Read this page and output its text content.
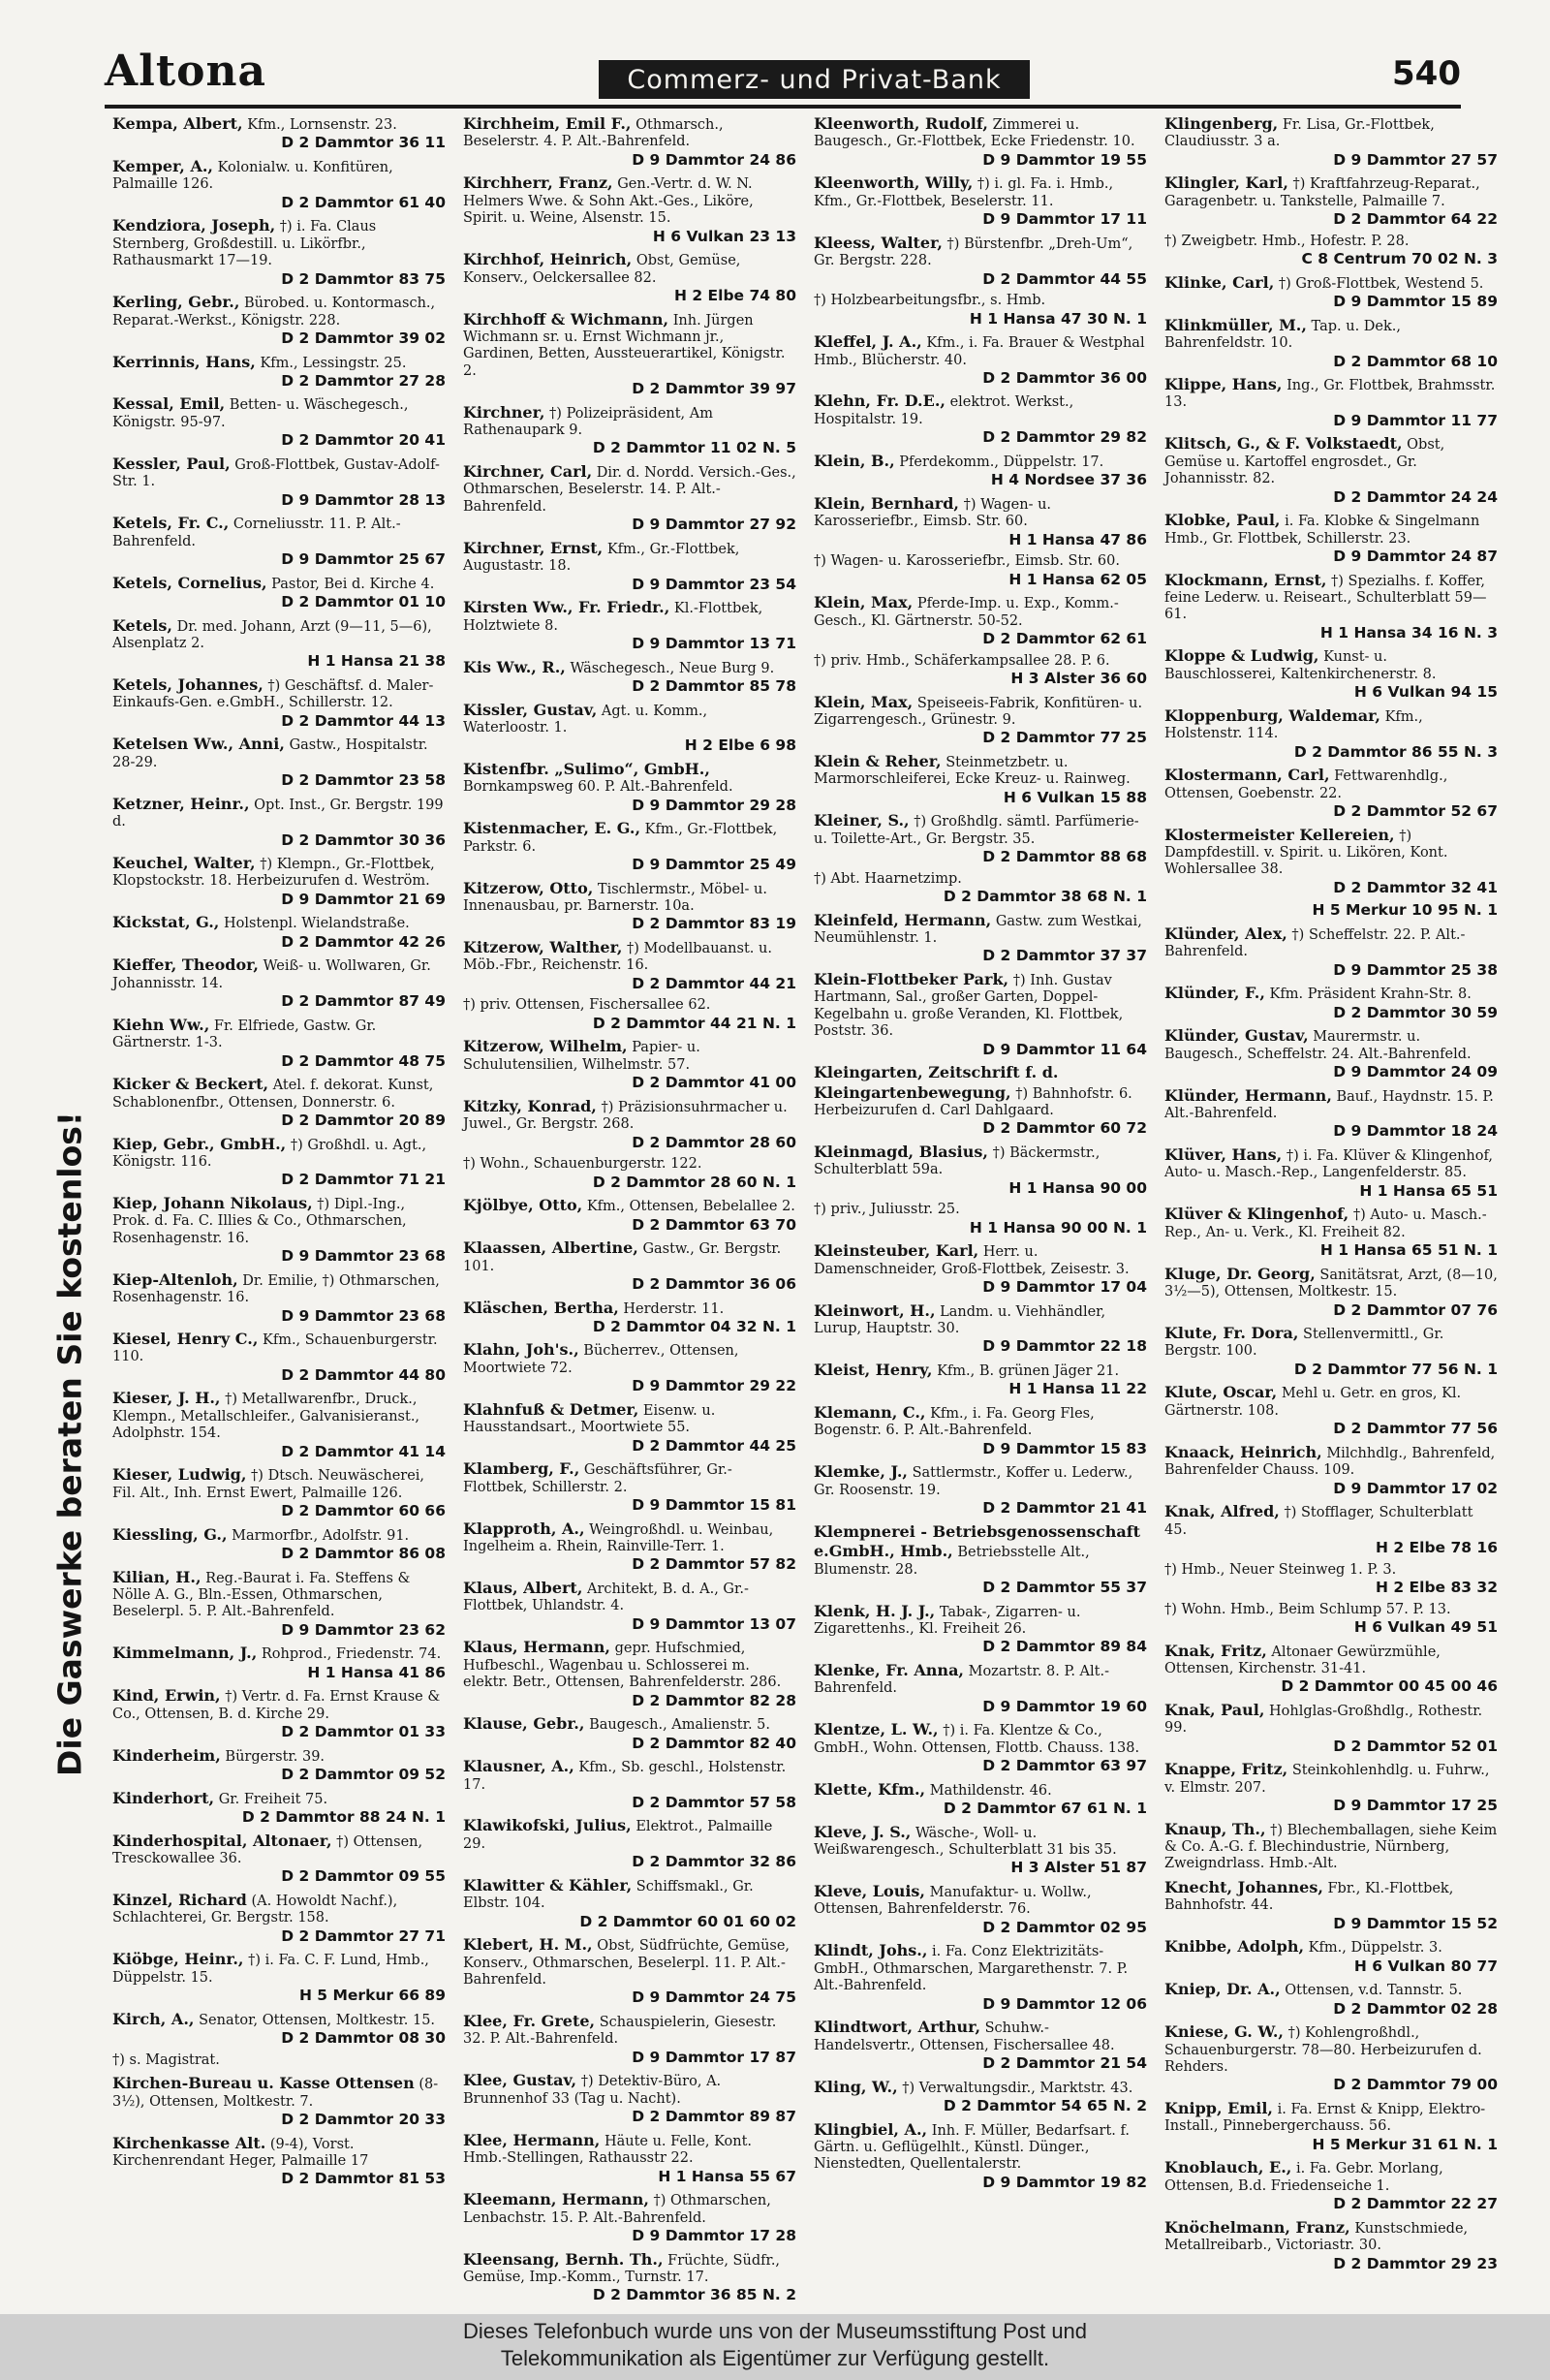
Altona	Commerz- und Privat-Bank	540
Die Gaswerke beraten Sie kostenlos!
Kempa, Albert, Kfm., Lornsenstr. 23.
D 2 Dammtor 36 11
Kemper, A., Kolonialw. u. Konfitüren, Palmaille 126.
D 2 Dammtor 61 40
Kendziora, Joseph, †) i. Fa. Claus Sternberg, Großdestill. u. Likörfbr., Rathausmarkt 17—19.
D 2 Dammtor 83 75
Kerling, Gebr., Bürobed. u. Kontormasch., Reparat.-Werkst., Königstr. 228.
D 2 Dammtor 39 02
Kerrinnis, Hans, Kfm., Lessingstr. 25.
D 2 Dammtor 27 28
Kessal, Emil, Betten- u. Wäschegesch., Königstr. 95-97.
D 2 Dammtor 20 41
Kessler, Paul, Groß-Flottbek, Gustav-Adolf-Str. 1.
D 9 Dammtor 28 13
Ketels, Fr. C., Corneliusstr. 11. P. Alt.-Bahrenfeld.
D 9 Dammtor 25 67
Ketels, Cornelius, Pastor, Bei d. Kirche 4.
D 2 Dammtor 01 10
Ketels, Dr. med. Johann, Arzt (9—11, 5—6), Alsenplatz 2.
H 1 Hansa 21 38
Ketels, Johannes, †) Geschäftsf. d. Maler-Einkaufs-Gen. e.GmbH., Schillerstr. 12.
D 2 Dammtor 44 13
Ketelsen Ww., Anni, Gastw., Hospitalstr. 28-29.
D 2 Dammtor 23 58
Ketzner, Heinr., Opt. Inst., Gr. Bergstr. 199 d.
D 2 Dammtor 30 36
Keuchel, Walter, †) Klempn., Gr.-Flottbek, Klopstockstr. 18. Herbeizurufen d. Weström.
D 9 Dammtor 21 69
Kickstat, G., Holstenpl. Wielandstraße.
D 2 Dammtor 42 26
Kieffer, Theodor, Weiß- u. Wollwaren, Gr. Johannisstr. 14.
D 2 Dammtor 87 49
Kiehn Ww., Fr. Elfriede, Gastw. Gr. Gärtnerstr. 1-3.
D 2 Dammtor 48 75
Kicker & Beckert, Atel. f. dekorat. Kunst, Schablonenfbr., Ottensen, Donnerstr. 6.
D 2 Dammtor 20 89
Kiep, Gebr., GmbH., †) Großhdl. u. Agt., Königstr. 116.
D 2 Dammtor 71 21
Kiep, Johann Nikolaus, †) Dipl.-Ing., Prok. d. Fa. C. Illies & Co., Othmarschen, Rosenhagenstr. 16.
D 9 Dammtor 23 68
Kiep-Altenloh, Dr. Emilie, †) Othmarschen, Rosenhagenstr. 16.
D 9 Dammtor 23 68
Kiesel, Henry C., Kfm., Schauenburgerstr. 110.
D 2 Dammtor 44 80
Kieser, J. H., †) Metallwarenfbr., Druck., Klempn., Metallschleifer., Galvanisieranst., Adolphstr. 154.
D 2 Dammtor 41 14
Kieser, Ludwig, †) Dtsch. Neuwäscherei, Fil. Alt., Inh. Ernst Ewert, Palmaille 126.
D 2 Dammtor 60 66
Kiessling, G., Marmorfbr., Adolfstr. 91.
D 2 Dammtor 86 08
Kilian, H., Reg.-Baurat i. Fa. Steffens & Nölle A. G., Bln.-Essen, Othmarschen, Beselerpl. 5. P. Alt.-Bahrenfeld.
D 9 Dammtor 23 62
Kimmelmann, J., Rohprod., Friedenstr. 74.
H 1 Hansa 41 86
Kind, Erwin, †) Vertr. d. Fa. Ernst Krause & Co., Ottensen, B. d. Kirche 29.
D 2 Dammtor 01 33
Kinderheim, Bürgerstr. 39.
D 2 Dammtor 09 52
Kinderhort, Gr. Freiheit 75.
D 2 Dammtor 88 24 N. 1
Kinderhospital, Altonaer, †) Ottensen, Tresckowallee 36.
D 2 Dammtor 09 55
Kinzel, Richard (A. Howoldt Nachf.), Schlachterei, Gr. Bergstr. 158.
D 2 Dammtor 27 71
Kiöbge, Heinr., †) i. Fa. C. F. Lund, Hmb., Düppelstr. 15.
H 5 Merkur 66 89
Kirch, A., Senator, Ottensen, Moltkestr. 15.
D 2 Dammtor 08 30
†) s. Magistrat.
Kirchen-Bureau u. Kasse Ottensen (8-3½), Ottensen, Moltkestr. 7.
D 2 Dammtor 20 33
Kirchenkasse Alt. (9-4), Vorst. Kirchenrendant Heger, Palmaille 17
D 2 Dammtor 81 53
Kirchheim, Emil F., Othmarsch., Beselerstr. 4. P. Alt.-Bahrenfeld.
D 9 Dammtor 24 86
Kirchherr, Franz, Gen.-Vertr. d. W. N. Helmers Wwe. & Sohn Akt.-Ges., Liköre, Spirit. u. Weine, Alsenstr. 15.
H 6 Vulkan 23 13
Kirchhof, Heinrich, Obst, Gemüse, Konserv., Oelckersallee 82.
H 2 Elbe 74 80
Kirchhoff & Wichmann, Inh. Jürgen Wichmann sr. u. Ernst Wichmann jr., Gardinen, Betten, Aussteuerartikel, Königstr. 2.
D 2 Dammtor 39 97
Kirchner, †) Polizeipräsident, Am Rathenaupark 9.
D 2 Dammtor 11 02 N. 5
Kirchner, Carl, Dir. d. Nordd. Versich.-Ges., Othmarschen, Beselerstr. 14. P. Alt.-Bahrenfeld.
D 9 Dammtor 27 92
Kirchner, Ernst, Kfm., Gr.-Flottbek, Augustastr. 18.
D 9 Dammtor 23 54
Kirsten Ww., Fr. Friedr., Kl.-Flottbek, Holztwiete 8.
D 9 Dammtor 13 71
Kis Ww., R., Wäschegesch., Neue Burg 9.
D 2 Dammtor 85 78
Kissler, Gustav, Agt. u. Komm., Waterloostr. 1.
H 2 Elbe 6 98
Kistenfbr. „Sulimo“, GmbH., Bornkampsweg 60. P. Alt.-Bahrenfeld.
D 9 Dammtor 29 28
Kistenmacher, E. G., Kfm., Gr.-Flottbek, Parkstr. 6.
D 9 Dammtor 25 49
Kitzerow, Otto, Tischlermstr., Möbel- u. Innenausbau, pr. Barnerstr. 10a.
D 2 Dammtor 83 19
Kitzerow, Walther, †) Modellbauanst. u. Möb.-Fbr., Reichenstr. 16.
D 2 Dammtor 44 21
†) priv. Ottensen, Fischersallee 62.
D 2 Dammtor 44 21 N. 1
Kitzerow, Wilhelm, Papier- u. Schulutensilien, Wilhelmstr. 57.
D 2 Dammtor 41 00
Kitzky, Konrad, †) Präzisionsuhrmacher u. Juwel., Gr. Bergstr. 268.
D 2 Dammtor 28 60
†) Wohn., Schauenburgerstr. 122.
D 2 Dammtor 28 60 N. 1
Kjölbye, Otto, Kfm., Ottensen, Bebelallee 2.
D 2 Dammtor 63 70
Klaassen, Albertine, Gastw., Gr. Bergstr. 101.
D 2 Dammtor 36 06
Kläschen, Bertha, Herderstr. 11.
D 2 Dammtor 04 32 N. 1
Klahn, Joh's., Bücherrev., Ottensen, Moortwiete 72.
D 9 Dammtor 29 22
Klahnfuß & Detmer, Eisenw. u. Hausstandsart., Moortwiete 55.
D 2 Dammtor 44 25
Klamberg, F., Geschäftsführer, Gr.-Flottbek, Schillerstr. 2.
D 9 Dammtor 15 81
Klapproth, A., Weingroßhdl. u. Weinbau, Ingelheim a. Rhein, Rainville-Terr. 1.
D 2 Dammtor 57 82
Klaus, Albert, Architekt, B. d. A., Gr.-Flottbek, Uhlandstr. 4.
D 9 Dammtor 13 07
Klaus, Hermann, gepr. Hufschmied, Hufbeschl., Wagenbau u. Schlosserei m. elektr. Betr., Ottensen, Bahrenfelderstr. 286.
D 2 Dammtor 82 28
Klause, Gebr., Baugesch., Amalienstr. 5.
D 2 Dammtor 82 40
Klausner, A., Kfm., Sb. geschl., Holstenstr. 17.
D 2 Dammtor 57 58
Klawikofski, Julius, Elektrot., Palmaille 29.
D 2 Dammtor 32 86
Klawitter & Kähler, Schiffsmakl., Gr. Elbstr. 104.
D 2 Dammtor 60 01 60 02
Klebert, H. M., Obst, Südfrüchte, Gemüse, Konserv., Othmarschen, Beselerpl. 11. P. Alt.-Bahrenfeld.
D 9 Dammtor 24 75
Klee, Fr. Grete, Schauspielerin, Giesestr. 32. P. Alt.-Bahrenfeld.
D 9 Dammtor 17 87
Klee, Gustav, †) Detektiv-Büro, A. Brunnenhof 33 (Tag u. Nacht).
D 2 Dammtor 89 87
Klee, Hermann, Häute u. Felle, Kont. Hmb.-Stellingen, Rathausstr 22.
H 1 Hansa 55 67
Kleemann, Hermann, †) Othmarschen, Lenbachstr. 15. P. Alt.-Bahrenfeld.
D 9 Dammtor 17 28
Kleensang, Bernh. Th., Früchte, Südfr., Gemüse, Imp.-Komm., Turnstr. 17.
D 2 Dammtor 36 85 N. 2
Kleenworth, Rudolf, Zimmerei u. Baugesch., Gr.-Flottbek, Ecke Friedenstr. 10.
D 9 Dammtor 19 55
Kleenworth, Willy, †) i. gl. Fa. i. Hmb., Kfm., Gr.-Flottbek, Beselerstr. 11.
D 9 Dammtor 17 11
Kleess, Walter, †) Bürstenfbr. „Dreh-Um“, Gr. Bergstr. 228.
D 2 Dammtor 44 55
†) Holzbearbeitungsfbr., s. Hmb.
H 1 Hansa 47 30 N. 1
Kleffel, J. A., Kfm., i. Fa. Brauer & Westphal Hmb., Blücherstr. 40.
D 2 Dammtor 36 00
Klehn, Fr. D.E., elektrot. Werkst., Hospitalstr. 19.
D 2 Dammtor 29 82
Klein, B., Pferdekomm., Düppelstr. 17.
H 4 Nordsee 37 36
Klein, Bernhard, †) Wagen- u. Karosseriefbr., Eimsb. Str. 60.
H 1 Hansa 47 86
†) Wagen- u. Karosseriefbr., Eimsb. Str. 60.
H 1 Hansa 62 05
Klein, Max, Pferde-Imp. u. Exp., Komm.-Gesch., Kl. Gärtnerstr. 50-52.
D 2 Dammtor 62 61
†) priv. Hmb., Schäferkampsallee 28. P. 6.
H 3 Alster 36 60
Klein, Max, Speiseeis-Fabrik, Konfitüren- u. Zigarrengesch., Grünestr. 9.
D 2 Dammtor 77 25
Klein & Reher, Steinmetzbetr. u. Marmorschleiferei, Ecke Kreuz- u. Rainweg.
H 6 Vulkan 15 88
Kleiner, S., †) Großhdlg. sämtl. Parfümerie- u. Toilette-Art., Gr. Bergstr. 35.
D 2 Dammtor 88 68
†) Abt. Haarnetzimp.
D 2 Dammtor 38 68 N. 1
Kleinfeld, Hermann, Gastw. zum Westkai, Neumühlenstr. 1.
D 2 Dammtor 37 37
Klein-Flottbeker Park, †) Inh. Gustav Hartmann, Sal., großer Garten, Doppel-Kegelbahn u. große Veranden, Kl. Flottbek, Poststr. 36.
D 9 Dammtor 11 64
Kleingarten, Zeitschrift f. d. Kleingartenbewegung, †) Bahnhofstr. 6. Herbeizurufen d. Carl Dahlgaard.
D 2 Dammtor 60 72
Kleinmagd, Blasius, †) Bäckermstr., Schulterblatt 59a.
H 1 Hansa 90 00
†) priv., Juliusstr. 25.
H 1 Hansa 90 00 N. 1
Kleinsteuber, Karl, Herr. u. Damenschneider, Groß-Flottbek, Zeisestr. 3.
D 9 Dammtor 17 04
Kleinwort, H., Landm. u. Viehhändler, Lurup, Hauptstr. 30.
D 9 Dammtor 22 18
Kleist, Henry, Kfm., B. grünen Jäger 21.
H 1 Hansa 11 22
Klemann, C., Kfm., i. Fa. Georg Fles, Bogenstr. 6. P. Alt.-Bahrenfeld.
D 9 Dammtor 15 83
Klemke, J., Sattlermstr., Koffer u. Lederw., Gr. Roosenstr. 19.
D 2 Dammtor 21 41
Klempnerei - Betriebsgenossenschaft e.GmbH., Hmb., Betriebsstelle Alt., Blumenstr. 28.
D 2 Dammtor 55 37
Klenk, H. J. J., Tabak-, Zigarren- u. Zigarettenhs., Kl. Freiheit 26.
D 2 Dammtor 89 84
Klenke, Fr. Anna, Mozartstr. 8. P. Alt.-Bahrenfeld.
D 9 Dammtor 19 60
Klentze, L. W., †) i. Fa. Klentze & Co., GmbH., Wohn. Ottensen, Flottb. Chauss. 138.
D 2 Dammtor 63 97
Klette, Kfm., Mathildenstr. 46.
D 2 Dammtor 67 61 N. 1
Kleve, J. S., Wäsche-, Woll- u. Weißwarengesch., Schulterblatt 31 bis 35.
H 3 Alster 51 87
Kleve, Louis, Manufaktur- u. Wollw., Ottensen, Bahrenfelderstr. 76.
D 2 Dammtor 02 95
Klindt, Johs., i. Fa. Conz Elektrizitäts-GmbH., Othmarschen, Margarethenstr. 7. P. Alt.-Bahrenfeld.
D 9 Dammtor 12 06
Klindtwort, Arthur, Schuhw.-Handelsvertr., Ottensen, Fischersallee 48.
D 2 Dammtor 21 54
Kling, W., †) Verwaltungsdir., Marktstr. 43.
D 2 Dammtor 54 65 N. 2
Klingbiel, A., Inh. F. Müller, Bedarfsart. f. Gärtn. u. Geflügelhlt., Künstl. Dünger., Nienstedten, Quellentalerstr.
D 9 Dammtor 19 82
Klingenberg, Fr. Lisa, Gr.-Flottbek, Claudiusstr. 3 a.
D 9 Dammtor 27 57
Klingler, Karl, †) Kraftfahrzeug-Reparat., Garagenbetr. u. Tankstelle, Palmaille 7.
D 2 Dammtor 64 22
†) Zweigbetr. Hmb., Hofestr. P. 28.
C 8 Centrum 70 02 N. 3
Klinke, Carl, †) Groß-Flottbek, Westend 5.
D 9 Dammtor 15 89
Klinkmüller, M., Tap. u. Dek., Bahrenfeldstr. 10.
D 2 Dammtor 68 10
Klippe, Hans, Ing., Gr. Flottbek, Brahmsstr. 13.
D 9 Dammtor 11 77
Klitsch, G., & F. Volkstaedt, Obst, Gemüse u. Kartoffel engrosdet., Gr. Johannisstr. 82.
D 2 Dammtor 24 24
Klobke, Paul, i. Fa. Klobke & Singelmann Hmb., Gr. Flottbek, Schillerstr. 23.
D 9 Dammtor 24 87
Klockmann, Ernst, †) Spezialhs. f. Koffer, feine Lederw. u. Reiseart., Schulterblatt 59—61.
H 1 Hansa 34 16 N. 3
Kloppe & Ludwig, Kunst- u. Bauschlosserei, Kaltenkirchenerstr. 8.
H 6 Vulkan 94 15
Kloppenburg, Waldemar, Kfm., Holstenstr. 114.
D 2 Dammtor 86 55 N. 3
Klostermann, Carl, Fettwarenhdlg., Ottensen, Goebenstr. 22.
D 2 Dammtor 52 67
Klostermeister Kellereien, †) Dampfdestill. v. Spirit. u. Likören, Kont. Wohlersallee 38.
D 2 Dammtor 32 41
H 5 Merkur 10 95 N. 1
Klünder, Alex, †) Scheffelstr. 22. P. Alt.-Bahrenfeld.
D 9 Dammtor 25 38
Klünder, F., Kfm. Präsident Krahn-Str. 8.
D 2 Dammtor 30 59
Klünder, Gustav, Maurermstr. u. Baugesch., Scheffelstr. 24. Alt.-Bahrenfeld.
D 9 Dammtor 24 09
Klünder, Hermann, Bauf., Haydnstr. 15. P. Alt.-Bahrenfeld.
D 9 Dammtor 18 24
Klüver, Hans, †) i. Fa. Klüver & Klingenhof, Auto- u. Masch.-Rep., Langenfelderstr. 85.
H 1 Hansa 65 51
Klüver & Klingenhof, †) Auto- u. Masch.-Rep., An- u. Verk., Kl. Freiheit 82.
H 1 Hansa 65 51 N. 1
Kluge, Dr. Georg, Sanitätsrat, Arzt, (8—10, 3½—5), Ottensen, Moltkestr. 15.
D 2 Dammtor 07 76
Klute, Fr. Dora, Stellenvermittl., Gr. Bergstr. 100.
D 2 Dammtor 77 56 N. 1
Klute, Oscar, Mehl u. Getr. en gros, Kl. Gärtnerstr. 108.
D 2 Dammtor 77 56
Knaack, Heinrich, Milchhdlg., Bahrenfeld, Bahrenfelder Chauss. 109.
D 9 Dammtor 17 02
Knak, Alfred, †) Stofflager, Schulterblatt 45.
H 2 Elbe 78 16
†) Hmb., Neuer Steinweg 1. P. 3.
H 2 Elbe 83 32
†) Wohn. Hmb., Beim Schlump 57. P. 13.
H 6 Vulkan 49 51
Knak, Fritz, Altonaer Gewürzmühle, Ottensen, Kirchenstr. 31-41.
D 2 Dammtor 00 45 00 46
Knak, Paul, Hohlglas-Großhdlg., Rothestr. 99.
D 2 Dammtor 52 01
Knappe, Fritz, Steinkohlenhdlg. u. Fuhrw., v. Elmstr. 207.
D 9 Dammtor 17 25
Knaup, Th., †) Blechemballagen, siehe Keim & Co. A.-G. f. Blechindustrie, Nürnberg, Zweigndrlass. Hmb.-Alt.
Knecht, Johannes, Fbr., Kl.-Flottbek, Bahnhofstr. 44.
D 9 Dammtor 15 52
Knibbe, Adolph, Kfm., Düppelstr. 3.
H 6 Vulkan 80 77
Kniep, Dr. A., Ottensen, v.d. Tannstr. 5.
D 2 Dammtor 02 28
Kniese, G. W., †) Kohlengroßhdl., Schauenburgerstr. 78—80. Herbeizurufen d. Rehders.
D 2 Dammtor 79 00
Knipp, Emil, i. Fa. Ernst & Knipp, Elektro-Install., Pinnebergerchauss. 56.
H 5 Merkur 31 61 N. 1
Knoblauch, E., i. Fa. Gebr. Morlang, Ottensen, B.d. Friedenseiche 1.
D 2 Dammtor 22 27
Knöchelmann, Franz, Kunstschmiede, Metallreibarb., Victoriastr. 30.
D 2 Dammtor 29 23
Dieses Telefonbuch wurde uns von der Museumsstiftung Post und
Telekommunikation als Eigentümer zur Verfügung gestellt.
